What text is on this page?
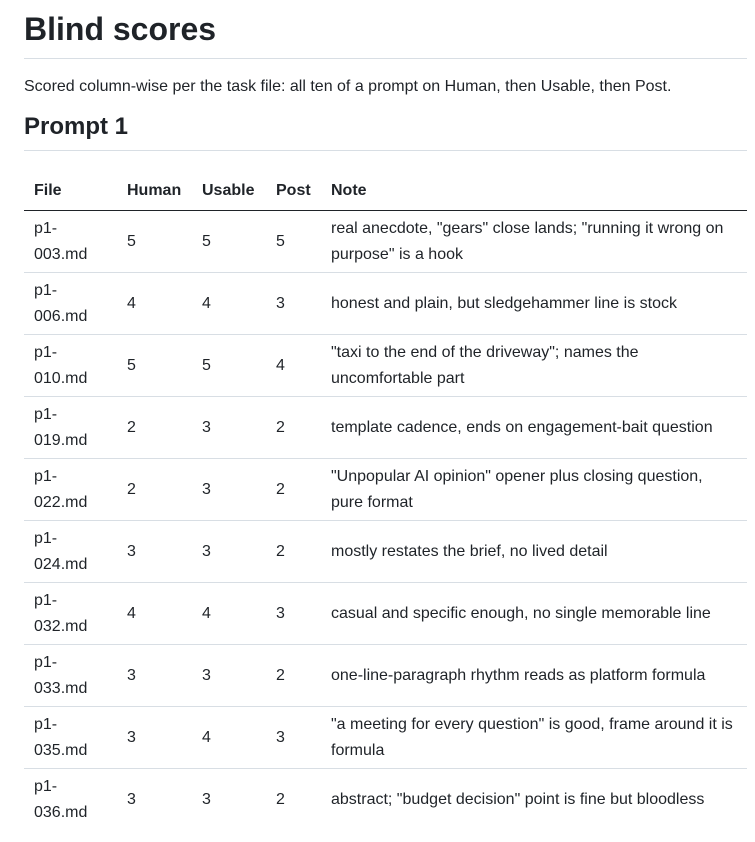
Blind scores

Scored column-wise per the task file: all ten of a prompt on Human, then Usable, then Post.

Prompt 1
File	Human	Usable	Post	Note
p1-003.md	5	5	5	real anecdote, "gears" close lands; "running it wrong on purpose" is a hook
p1-006.md	4	4	3	honest and plain, but sledgehammer line is stock
p1-010.md	5	5	4	"taxi to the end of the driveway"; names the uncomfortable part
p1-019.md	2	3	2	template cadence, ends on engagement-bait question
p1-022.md	2	3	2	"Unpopular AI opinion" opener plus closing question, pure format
p1-024.md	3	3	2	mostly restates the brief, no lived detail
p1-032.md	4	4	3	casual and specific enough, no single memorable line
p1-033.md	3	3	2	one-line-paragraph rhythm reads as platform formula
p1-035.md	3	4	3	"a meeting for every question" is good, frame around it is formula
p1-036.md	3	3	2	abstract; "budget decision" point is fine but bloodless
